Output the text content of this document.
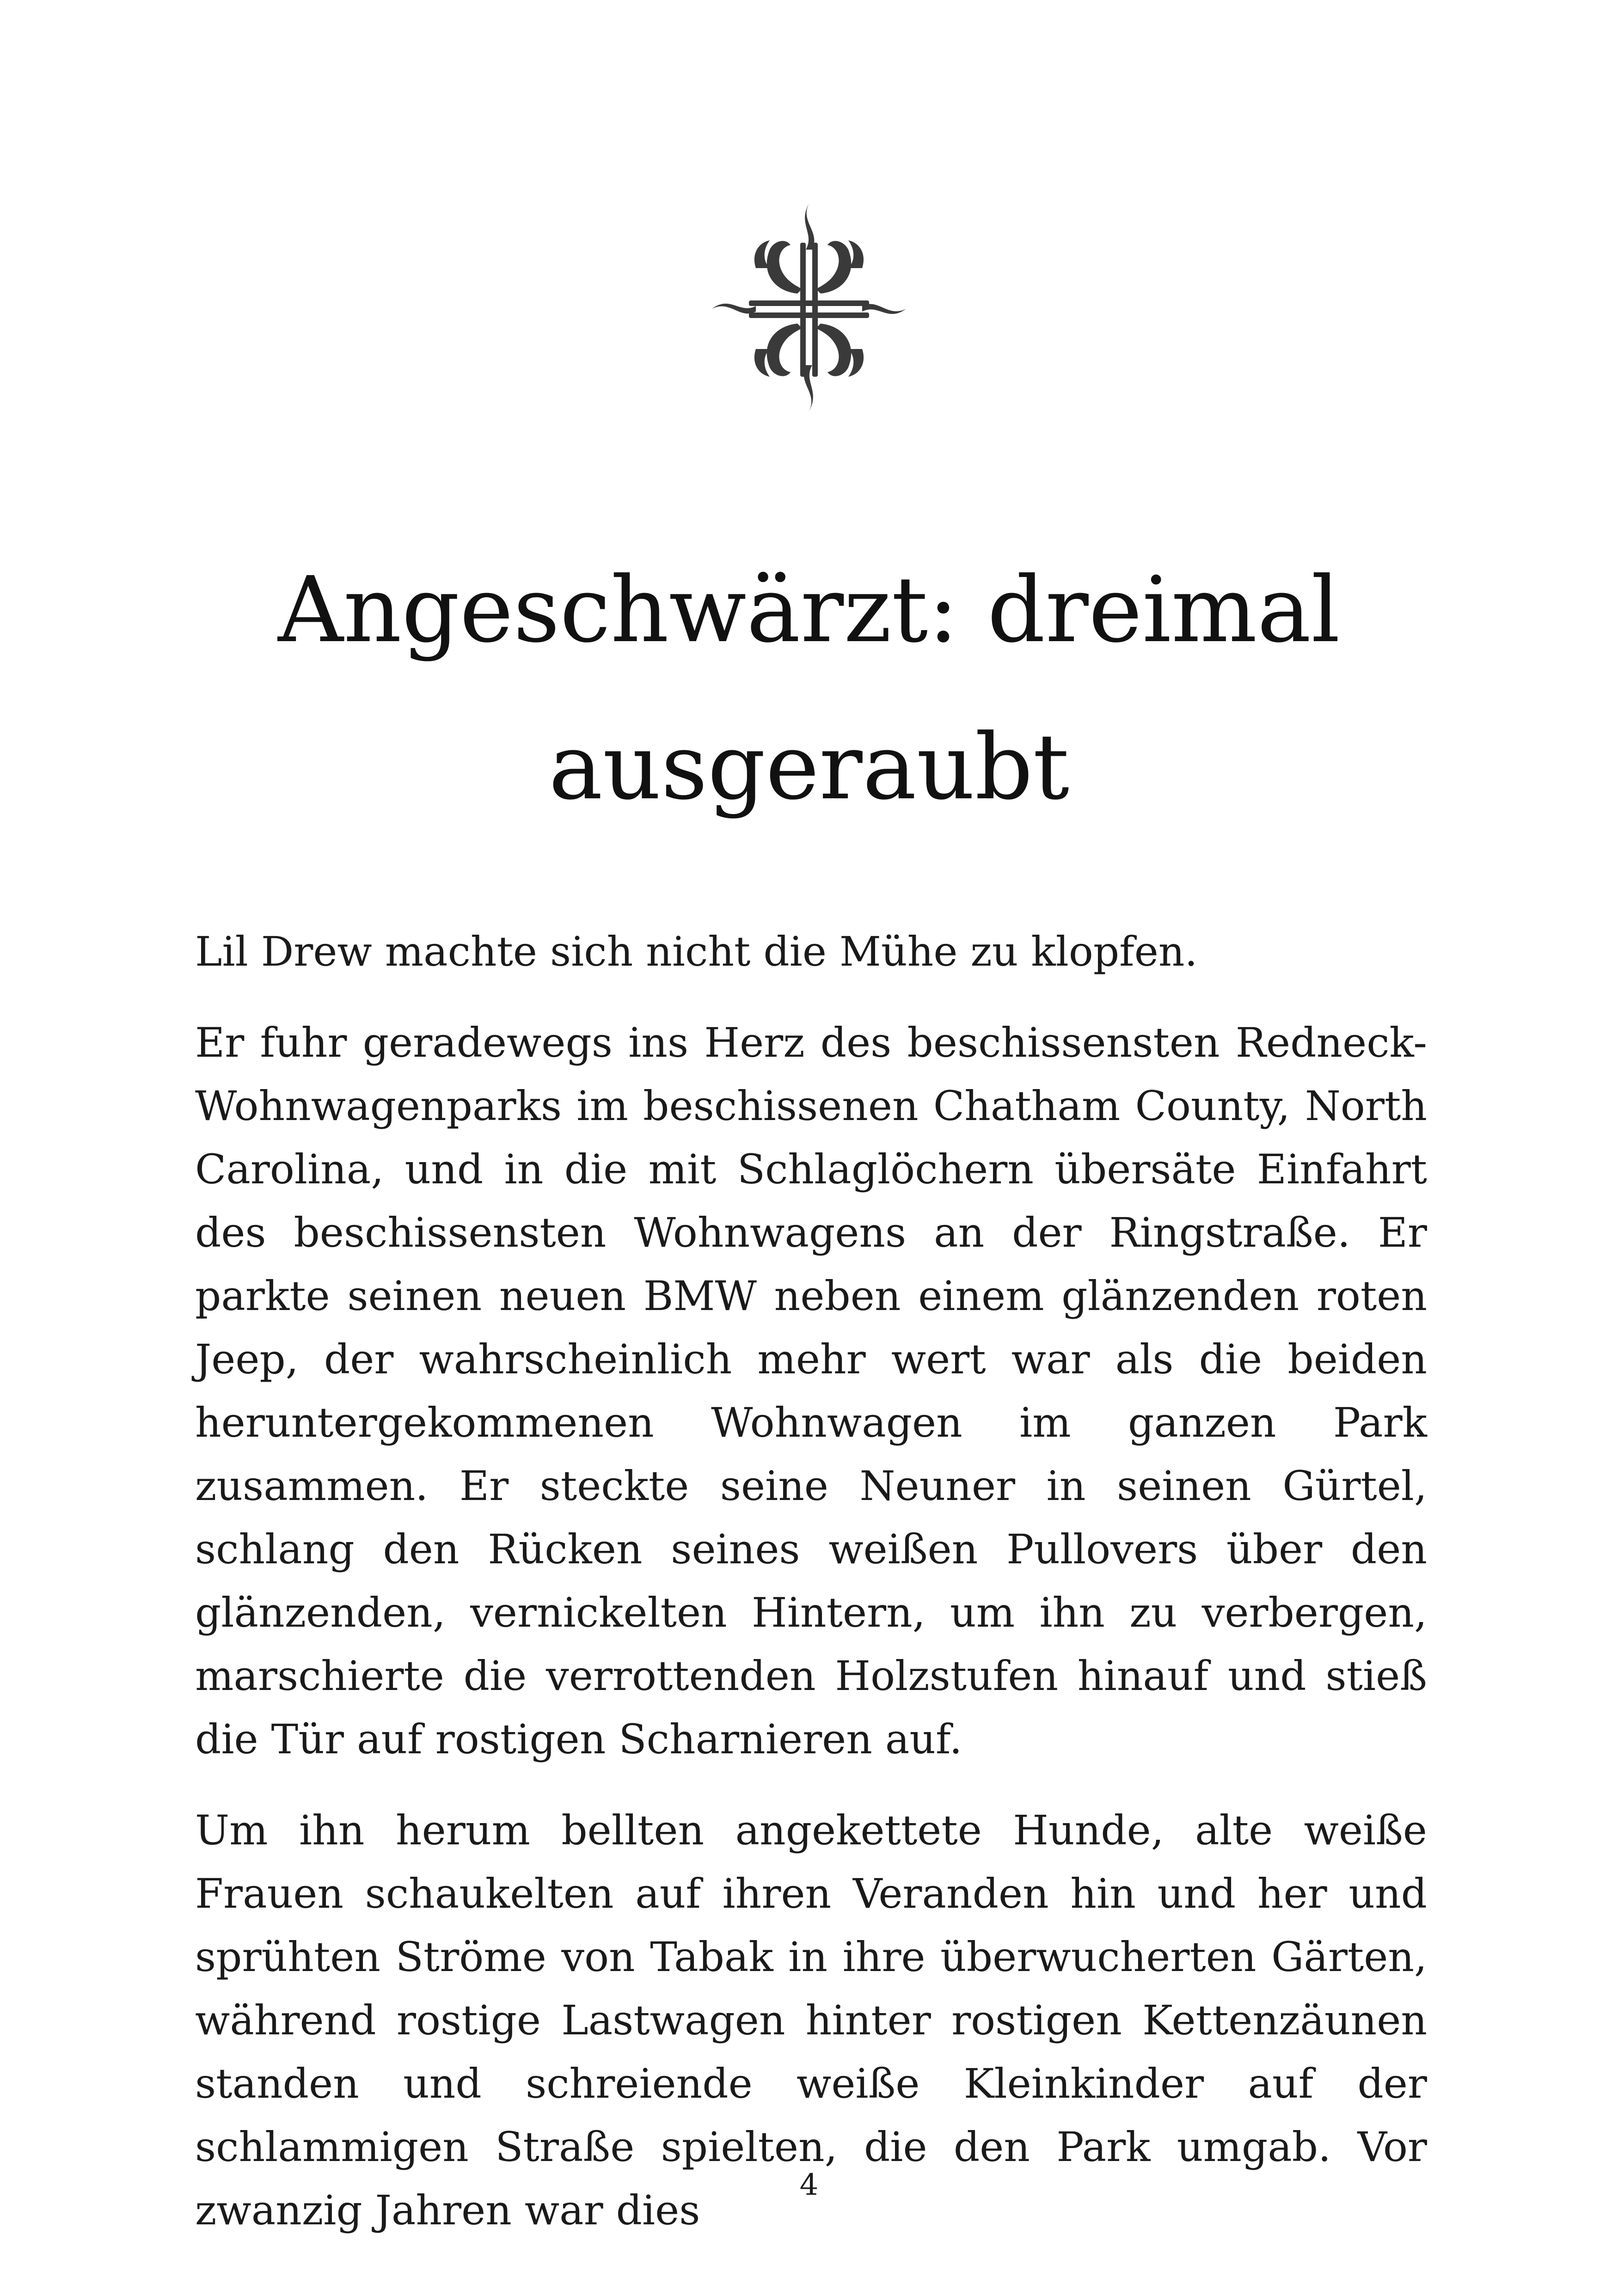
Angeschwärzt: dreimal
ausgeraubt

Lil Drew machte sich nicht die Mühe zu klopfen.

Er fuhr geradewegs ins Herz des beschissensten Redneck-Wohnwagenparks im beschissenen Chatham County, North Carolina, und in die mit Schlaglöchern übersäte Einfahrt des beschissensten Wohnwagens an der Ringstraße. Er parkte seinen neuen BMW neben einem glänzenden roten Jeep, der wahrscheinlich mehr wert war als die beiden heruntergekommenen Wohnwagen im ganzen Park zusammen. Er steckte seine Neuner in seinen Gürtel, schlang den Rücken seines weißen Pullovers über den glänzenden, vernickelten Hintern, um ihn zu verbergen, marschierte die verrottenden Holzstufen hinauf und stieß die Tür auf rostigen Scharnieren auf.

Um ihn herum bellten angekettete Hunde, alte weiße Frauen schaukelten auf ihren Veranden hin und her und sprühten Ströme von Tabak in ihre überwucherten Gärten, während rostige Lastwagen hinter rostigen Kettenzäunen standen und schreiende weiße Kleinkinder auf der schlammigen Straße spielten, die den Park umgab. Vor zwanzig Jahren war dies

4
